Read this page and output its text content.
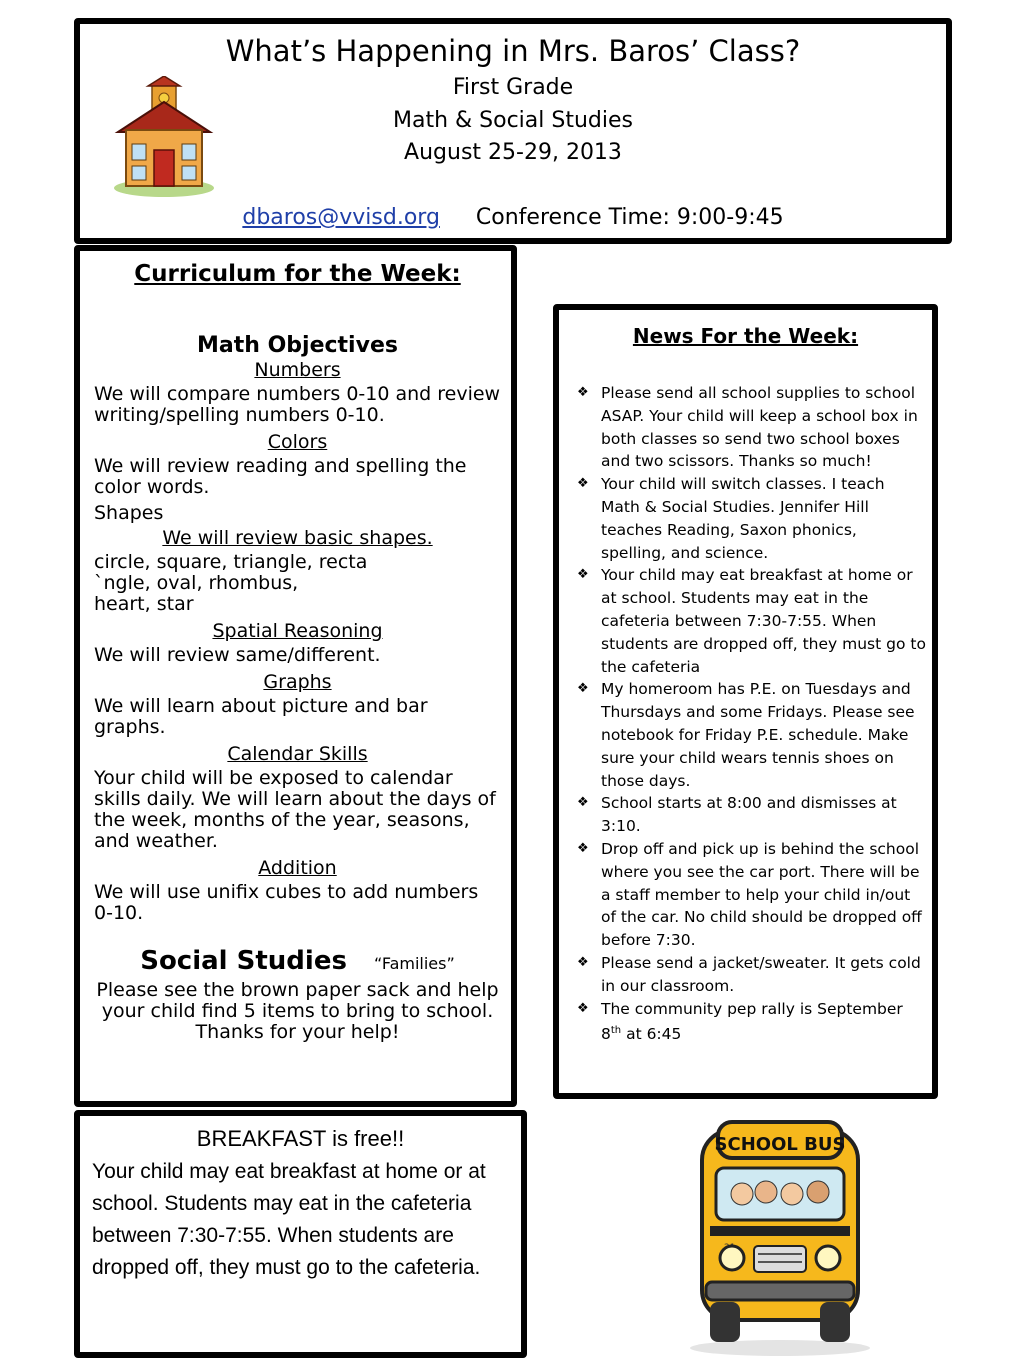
What’s Happening in Mrs. Baros’ Class?
First Grade
Math & Social Studies
August 25-29, 2013
dbaros@vvisd.org Conference Time: 9:00-9:45
Curriculum for the Week:
Math Objectives
Numbers
We will compare numbers 0-10 and review writing/spelling numbers 0-10.
Colors
We will review reading and spelling the color words.
Shapes
We will review basic shapes.
circle, square, triangle, recta
`ngle, oval, rhombus,
heart, star
Spatial Reasoning
We will review same/different.
Graphs
We will learn about picture and bar graphs.
Calendar Skills
Your child will be exposed to calendar skills daily. We will learn about the days of the week, months of the year, seasons, and weather.
Addition
We will use unifix cubes to add numbers 0-10.
Social Studies “Families”
Please see the brown paper sack and help your child find 5 items to bring to school. Thanks for your help!
News For the Week:
❖ Please send all school supplies to school ASAP. Your child will keep a school box in both classes so send two school boxes and two scissors. Thanks so much!
❖ Your child will switch classes. I teach Math & Social Studies. Jennifer Hill teaches Reading, Saxon phonics, spelling, and science.
❖ Your child may eat breakfast at home or at school. Students may eat in the cafeteria between 7:30-7:55. When students are dropped off, they must go to the cafeteria
❖ My homeroom has P.E. on Tuesdays and Thursdays and some Fridays. Please see notebook for Friday P.E. schedule. Make sure your child wears tennis shoes on those days.
❖ School starts at 8:00 and dismisses at 3:10.
❖ Drop off and pick up is behind the school where you see the car port. There will be a staff member to help your child in/out of the car. No child should be dropped off before 7:30.
❖ Please send a jacket/sweater. It gets cold in our classroom.
❖ The community pep rally is September 8th at 6:45
BREAKFAST is free!!
Your child may eat breakfast at home or at school. Students may eat in the cafeteria between 7:30-7:55. When students are dropped off, they must go to the cafeteria.
SCHOOL BUS
